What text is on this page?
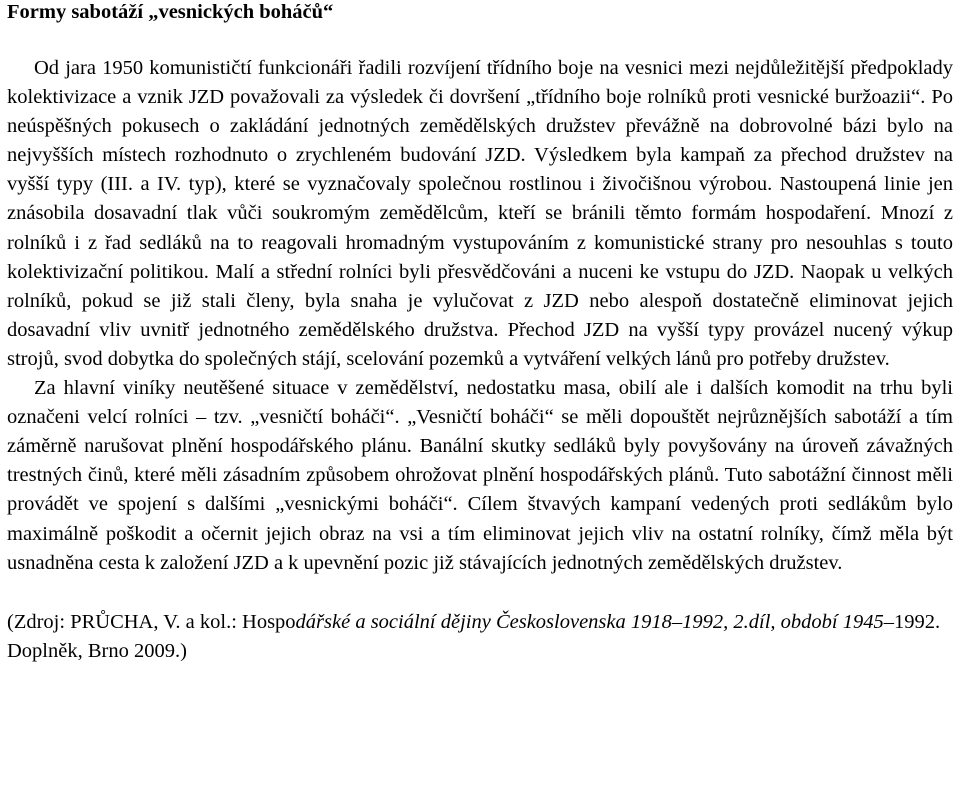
Formy sabotáží „vesnických boháčů“

Od jara 1950 komunističtí funkcionáři řadili rozvíjení třídního boje na vesnici mezi nejdůležitější předpoklady kolektivizace a vznik JZD považovali za výsledek či dovršení „třídního boje rolníků proti vesnické buržoazii“. Po neúspěšných pokusech o zakládání jednotných zemědělských družstev převážně na dobrovolné bázi bylo na nejvyšších místech rozhodnuto o zrychleném budování JZD. Výsledkem byla kampaň za přechod družstev na vyšší typy (III. a IV. typ), které se vyznačovaly společnou rostlinou i živočišnou výrobou. Nastoupená linie jen znásobila dosavadní tlak vůči soukromým zemědělcům, kteří se bránili těmto formám hospodaření. Mnozí z rolníků i z řad sedláků na to reagovali hromadným vystupováním z komunistické strany pro nesouhlas s touto kolektivizační politikou. Malí a střední rolníci byli přesvědčováni a nuceni ke vstupu do JZD. Naopak u velkých rolníků, pokud se již stali členy, byla snaha je vylučovat z JZD nebo alespoň dostatečně eliminovat jejich dosavadní vliv uvnitř jednotného zemědělského družstva. Přechod JZD na vyšší typy provázel nucený výkup strojů, svod dobytka do společných stájí, scelování pozemků a vytváření velkých lánů pro potřeby družstev.

Za hlavní viníky neutěšené situace v zemědělství, nedostatku masa, obilí ale i dalších komodit na trhu byli označeni velcí rolníci – tzv. „vesničtí boháči“. „Vesničtí boháči“ se měli dopouštět nejrůznějších sabotáží a tím záměrně narušovat plnění hospodářského plánu. Banální skutky sedláků byly povyšovány na úroveň závažných trestných činů, které měli zásadním způsobem ohrožovat plnění hospodářských plánů. Tuto sabotážní činnost měli provádět ve spojení s dalšími „vesnickými boháči“. Cílem štvavých kampaní vedených proti sedlákům bylo maximálně poškodit a očernit jejich obraz na vsi a tím eliminovat jejich vliv na ostatní rolníky, čímž měla být usnadněna cesta k založení JZD a k upevnění pozic již stávajících jednotných zemědělských družstev.

(Zdroj: PRŮCHA, V. a kol.: Hospodářské a sociální dějiny Československa 1918–1992, 2.díl, období 1945–1992. Doplněk, Brno 2009.)
